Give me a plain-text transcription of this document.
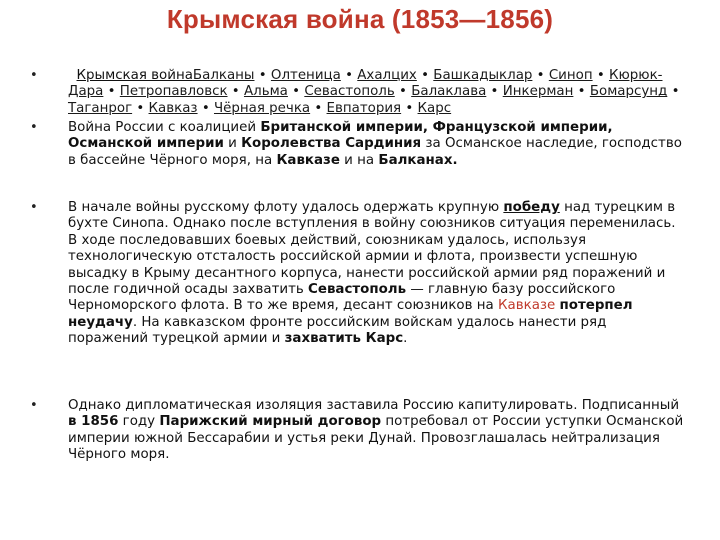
Крымская война (1853—1856)
•	Крымская войнаБалканы • Олтеницa • Ахалцих • Башкадыклар • Синоп • Кюрюк-Дара • Петропавловск • Альма • Севастополь • Балаклава • Инкерман • Бомарсунд • Таганрог • Кавказ • Чёрная речка • Евпатория • Карс
• Война России с коалицией Британской империи, Французской империи, Османской империи и Королевства Сардиния за Османское наследие, господство в бассейне Чёрного моря, на Кавказе и на Балканах.
• В начале войны русскому флоту удалось одержать крупную победу над турецким в бухте Синопа. Однако после вступления в войну союзников ситуация переменилась. В ходе последовавших боевых действий, союзникам удалось, используя технологическую отсталость российской армии и флота, произвести успешную высадку в Крыму десантного корпуса, нанести российской армии ряд поражений и после годичной осады захватить Севастополь — главную базу российского Черноморского флота. В то же время, десант союзников на Кавказе потерпел неудачу. На кавказском фронте российским войскам удалось нанести ряд поражений турецкой армии и захватить Карс.
• Однако дипломатическая изоляция заставила Россию капитулировать. Подписанный в 1856 году Парижский мирный договор потребовал от России уступки Османской империи южной Бессарабии и устья реки Дунай. Провозглашалась нейтрализация Чёрного моря.
